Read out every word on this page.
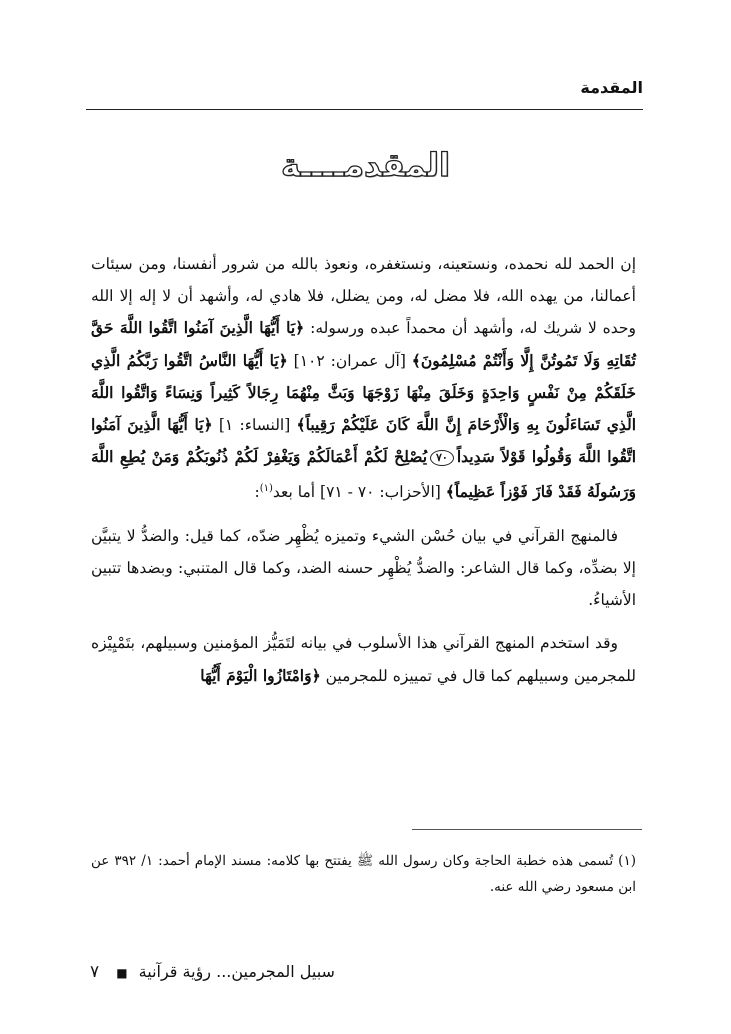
المقدمة
المقدمــــة

إن الحمد لله نحمده، ونستعينه، ونستغفره، ونعوذ بالله من شرور أنفسنا، ومن سيئات أعمالنا، من يهده الله، فلا مضل له، ومن يضلل، فلا هادي له، وأشهد أن لا إله إلا الله وحده لا شريك له، وأشهد أن محمداً عبده ورسوله: ﴿يَا أَيُّهَا الَّذِينَ آمَنُوا اتَّقُوا اللَّهَ حَقَّ تُقَاتِهِ وَلَا تَمُوتُنَّ إِلَّا وَأَنْتُمْ مُسْلِمُونَ﴾ [آل عمران: ١٠٢] ﴿يَا أَيُّهَا النَّاسُ اتَّقُوا رَبَّكُمُ الَّذِي خَلَقَكُمْ مِنْ نَفْسٍ وَاحِدَةٍ وَخَلَقَ مِنْهَا زَوْجَهَا وَبَثَّ مِنْهُمَا رِجَالاً كَثِيراً وَنِسَاءً وَاتَّقُوا اللَّهَ الَّذِي تَسَاءَلُونَ بِهِ وَالْأَرْحَامَ إِنَّ اللَّهَ كَانَ عَلَيْكُمْ رَقِيباً﴾ [النساء: ١] ﴿يَا أَيُّهَا الَّذِينَ آمَنُوا اتَّقُوا اللَّهَ وَقُولُوا قَوْلاً سَدِيداً٧٠يُصْلِحْ لَكُمْ أَعْمَالَكُمْ وَيَغْفِرْ لَكُمْ ذُنُوبَكُمْ وَمَنْ يُطِعِ اللَّهَ وَرَسُولَهُ فَقَدْ فَازَ فَوْزاً عَظِيماً﴾ [الأحزاب: ٧٠ - ٧١] أما بعد$^{(١)}$:

فالمنهج القرآني في بيان حُسْن الشيء وتميزه يُظْهِر ضدّه، كما قيل: والضدُّ لا يتبيَّن إلا بضدِّه، وكما قال الشاعر: والضدُّ يُظْهِر حسنه الضد، وكما قال المتنبي: وبضدها تتبين الأشياءُ.

وقد استخدم المنهج القرآني هذا الأسلوب في بيانه لتَمَيُّز المؤمنين وسبيلهم، بتَمْيِيْزه للمجرمين وسبيلهم كما قال في تمييزه للمجرمين ﴿وَامْتَازُوا الْيَوْمَ أَيُّهَا

(١) تُسمى هذه خطبة الحاجة وكان رسول الله ﷺ يفتتح بها كلامه: مسند الإمام أحمد: ١/ ٣٩٢ عن ابن مسعود رضي الله عنه.

سبيل المجرمين... رؤية قرآنية ■ ٧
